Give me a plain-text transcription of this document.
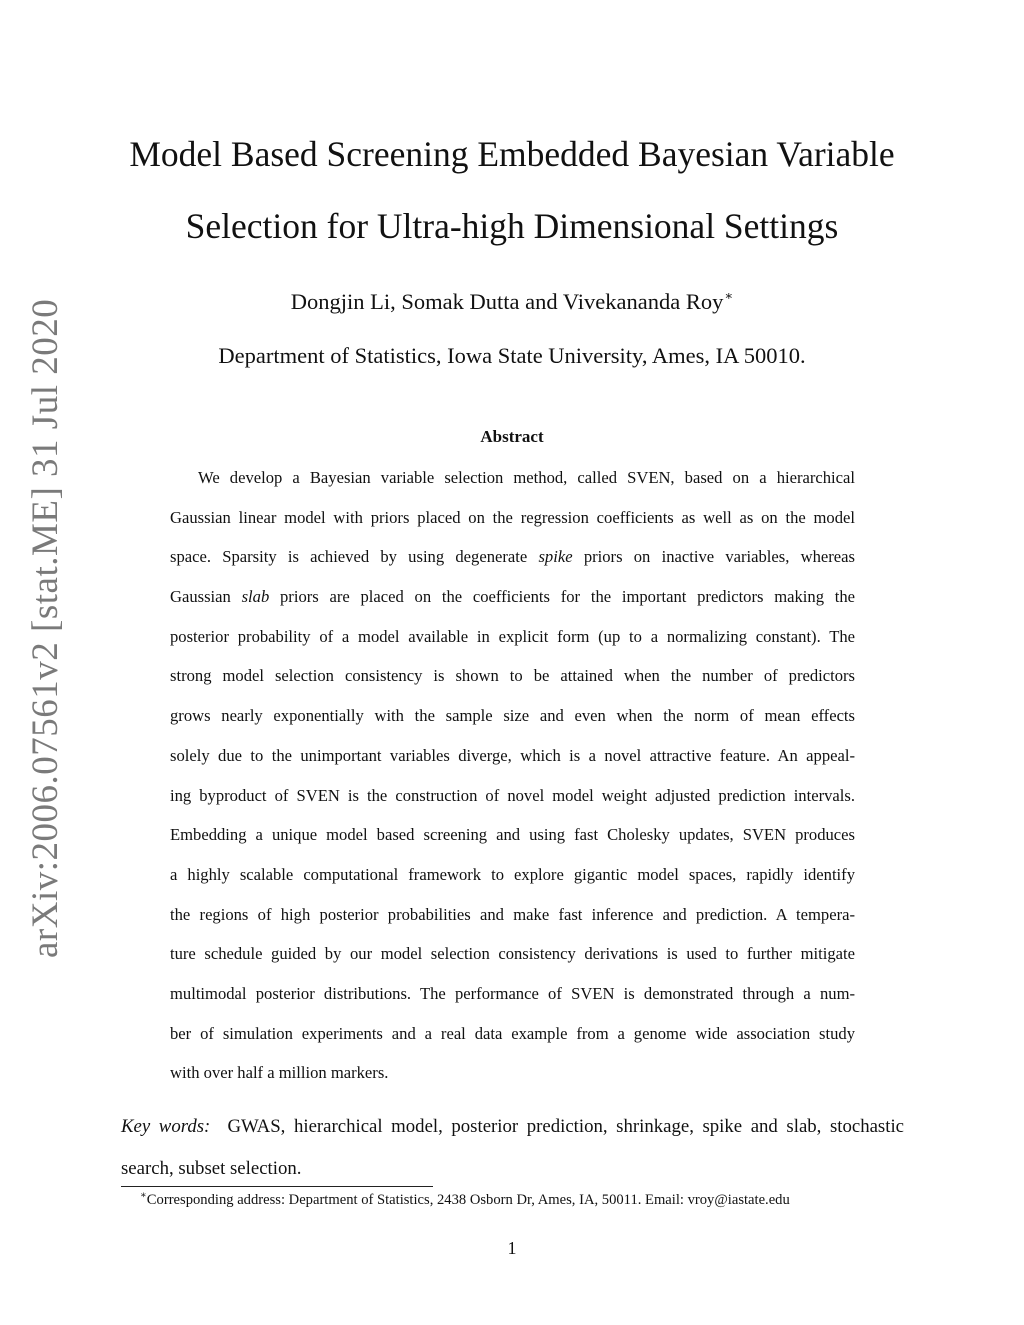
arXiv:2006.07561v2 [stat.ME] 31 Jul 2020
Model Based Screening Embedded Bayesian Variable
Selection for Ultra-high Dimensional Settings
Dongjin Li, Somak Dutta and Vivekananda Roy∗
Department of Statistics, Iowa State University, Ames, IA 50010.
Abstract
We develop a Bayesian variable selection method, called SVEN, based on a hierarchical
Gaussian linear model with priors placed on the regression coefficients as well as on the model
space. Sparsity is achieved by using degenerate spike priors on inactive variables, whereas
Gaussian slab priors are placed on the coefficients for the important predictors making the
posterior probability of a model available in explicit form (up to a normalizing constant). The
strong model selection consistency is shown to be attained when the number of predictors
grows nearly exponentially with the sample size and even when the norm of mean effects
solely due to the unimportant variables diverge, which is a novel attractive feature. An appeal-
ing byproduct of SVEN is the construction of novel model weight adjusted prediction intervals.
Embedding a unique model based screening and using fast Cholesky updates, SVEN produces
a highly scalable computational framework to explore gigantic model spaces, rapidly identify
the regions of high posterior probabilities and make fast inference and prediction. A tempera-
ture schedule guided by our model selection consistency derivations is used to further mitigate
multimodal posterior distributions. The performance of SVEN is demonstrated through a num-
ber of simulation experiments and a real data example from a genome wide association study
with over half a million markers.
Key words: GWAS, hierarchical model, posterior prediction, shrinkage, spike and slab, stochastic
search, subset selection.
∗Corresponding address: Department of Statistics, 2438 Osborn Dr, Ames, IA, 50011. Email: vroy@iastate.edu
1
